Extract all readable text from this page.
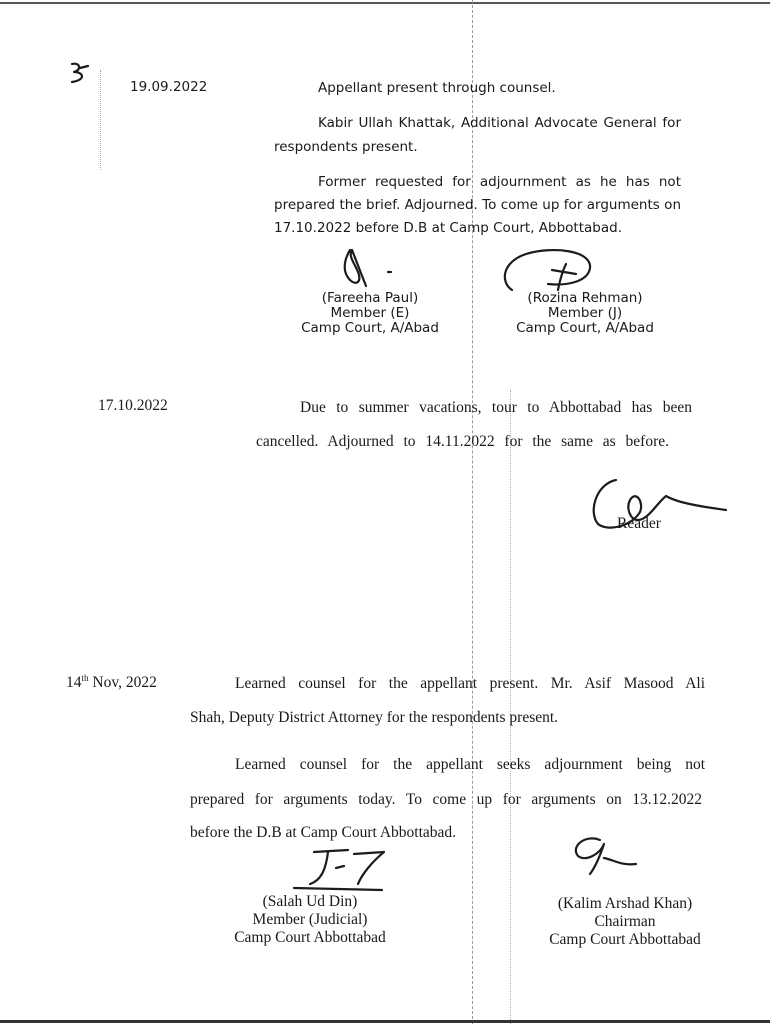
19.09.2022	Appellant present through counsel.
Kabir Ullah Khattak, Additional Advocate General for
respondents present.
Former requested for adjournment as he has not
prepared the brief. Adjourned. To come up for arguments on
17.10.2022 before D.B at Camp Court, Abbottabad.
(Fareeha Paul)
Member (E)
Camp Court, A/Abad
(Rozina Rehman)
Member (J)
Camp Court, A/Abad
17.10.2022	Due to summer vacations, tour to Abbottabad has been
cancelled. Adjourned to 14.11.2022 for the same as before.
Reader
14th Nov, 2022	Learned counsel for the appellant present. Mr. Asif Masood Ali
Shah, Deputy District Attorney for the respondents present.
Learned counsel for the appellant seeks adjournment being not
prepared for arguments today. To come up for arguments on 13.12.2022
before the D.B at Camp Court Abbottabad.
(Salah Ud Din)
Member (Judicial)
Camp Court Abbottabad
(Kalim Arshad Khan)
Chairman
Camp Court Abbottabad
